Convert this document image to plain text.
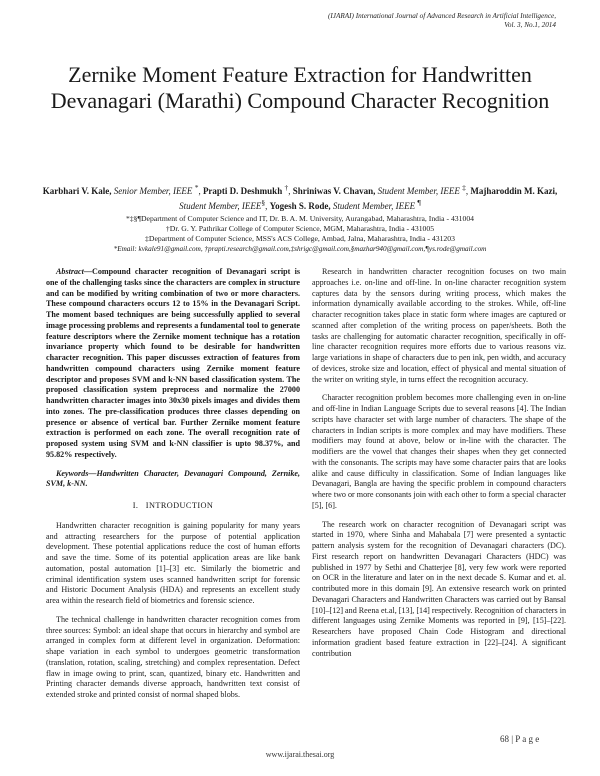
(IJARAI) International Journal of Advanced Research in Artificial Intelligence,
Vol. 3, No.1, 2014
Zernike Moment Feature Extraction for Handwritten Devanagari (Marathi) Compound Character Recognition
Karbhari V. Kale, Senior Member, IEEE *, Prapti D. Deshmukh †, Shriniwas V. Chavan, Student Member, IEEE ‡, Majharoddin M. Kazi, Student Member, IEEE§, Yogesh S. Rode, Student Member, IEEE ¶

*‡§¶Department of Computer Science and IT, Dr. B. A. M. University, Aurangabad, Maharashtra, India - 431004

†Dr. G. Y. Pathrikar College of Computer Science, MGM, Maharashtra, India - 431005

‡Department of Computer Science, MSS's ACS College, Ambad, Jalna, Maharashtra, India - 431203

*Email: kvkale91@gmail.com, †prapti.research@gmail.com,‡shrigc@gmail.com,§mazhar940@gmail.com,¶ys.rode@gmail.com

Abstract—Compound character recognition of Devanagari script is one of the challenging tasks since the characters are complex in structure and can be modified by writing combination of two or more characters. These compound characters occurs 12 to 15% in the Devanagari Script. The moment based techniques are being successfully applied to several image processing problems and represents a fundamental tool to generate feature descriptors where the Zernike moment technique has a rotation invariance property which found to be desirable for handwritten character recognition. This paper discusses extraction of features from handwritten compound characters using Zernike moment feature descriptor and proposes SVM and k-NN based classification system. The proposed classification system preprocess and normalize the 27000 handwritten character images into 30x30 pixels images and divides them into zones. The pre-classification produces three classes depending on presence or absence of vertical bar. Further Zernike moment feature extraction is performed on each zone. The overall recognition rate of proposed system using SVM and k-NN classifier is upto 98.37%, and 95.82% respectively.

Keywords—Handwritten Character, Devanagari Compound, Zernike, SVM, k-NN.

I. INTRODUCTION

Handwritten character recognition is gaining popularity for many years and attracting researchers for the purpose of potential application development. These potential applications reduce the cost of human efforts and save the time. Some of its potential application areas are like bank automation, postal automation [1]–[3] etc. Similarly the biometric and criminal identification system uses scanned handwritten script for forensic and Historic Document Analysis (HDA) and represents an excellent study area within the research field of biometrics and forensic science.

The technical challenge in handwritten character recognition comes from three sources: Symbol: an ideal shape that occurs in hierarchy and symbol are arranged in complex form at different level in organization. Deformation: shape variation in each symbol to undergoes geometric transformation (translation, rotation, scaling, stretching) and complex representation. Defect flaw in image owing to print, scan, quantized, binary etc. Handwritten and Printing character demands diverse approach, handwritten text consist of extended stroke and printed consist of normal shaped blobs.

Research in handwritten character recognition focuses on two main approaches i.e. on-line and off-line. In on-line character recognition system captures data by the sensors during writing process, which makes the information dynamically available according to the strokes. While, off-line character recognition takes place in static form where images are captured or scanned after completion of the writing process on paper/sheets. Both the tasks are challenging for automatic character recognition, specifically in off-line character recognition requires more efforts due to various reasons viz. large variations in shape of characters due to pen ink, pen width, and accuracy of devices, stroke size and location, effect of physical and mental situation of the writer on writing style, in turns effect the recognition accuracy.

Character recognition problem becomes more challenging even in on-line and off-line in Indian Language Scripts due to several reasons [4]. The Indian scripts have character set with large number of characters. The shape of the characters in Indian scripts is more complex and may have modifiers. These modifiers may found at above, below or in-line with the character. The modifiers are the vowel that changes their shapes when they get connected with the consonants. The scripts may have some character pairs that are looks alike and cause difficulty in classification. Some of Indian languages like Devanagari, Bangla are having the specific problem in compound characters where two or more consonants join with each other to form a special character [5], [6].

The research work on character recognition of Devanagari script was started in 1970, where Sinha and Mahabala [7] were presented a syntactic pattern analysis system for the recognition of Devanagari characters (DC). First research report on handwritten Devanagari Characters (HDC) was published in 1977 by Sethi and Chatterjee [8], very few work were reported on OCR in the literature and later on in the next decade S. Kumar and et. al. contributed more in this domain [9]. An extensive research work on printed Devanagari Characters and Handwritten Characters was carried out by Bansal [10]–[12] and Reena et.al, [13], [14] respectively. Recognition of characters in different languages using Zernike Moments was reported in [9], [15]–[22]. Researchers have proposed Chain Code Histogram and directional information gradient based feature extraction in [22]–[24]. A significant contribution

68 | P a g e
www.ijarai.thesai.org
